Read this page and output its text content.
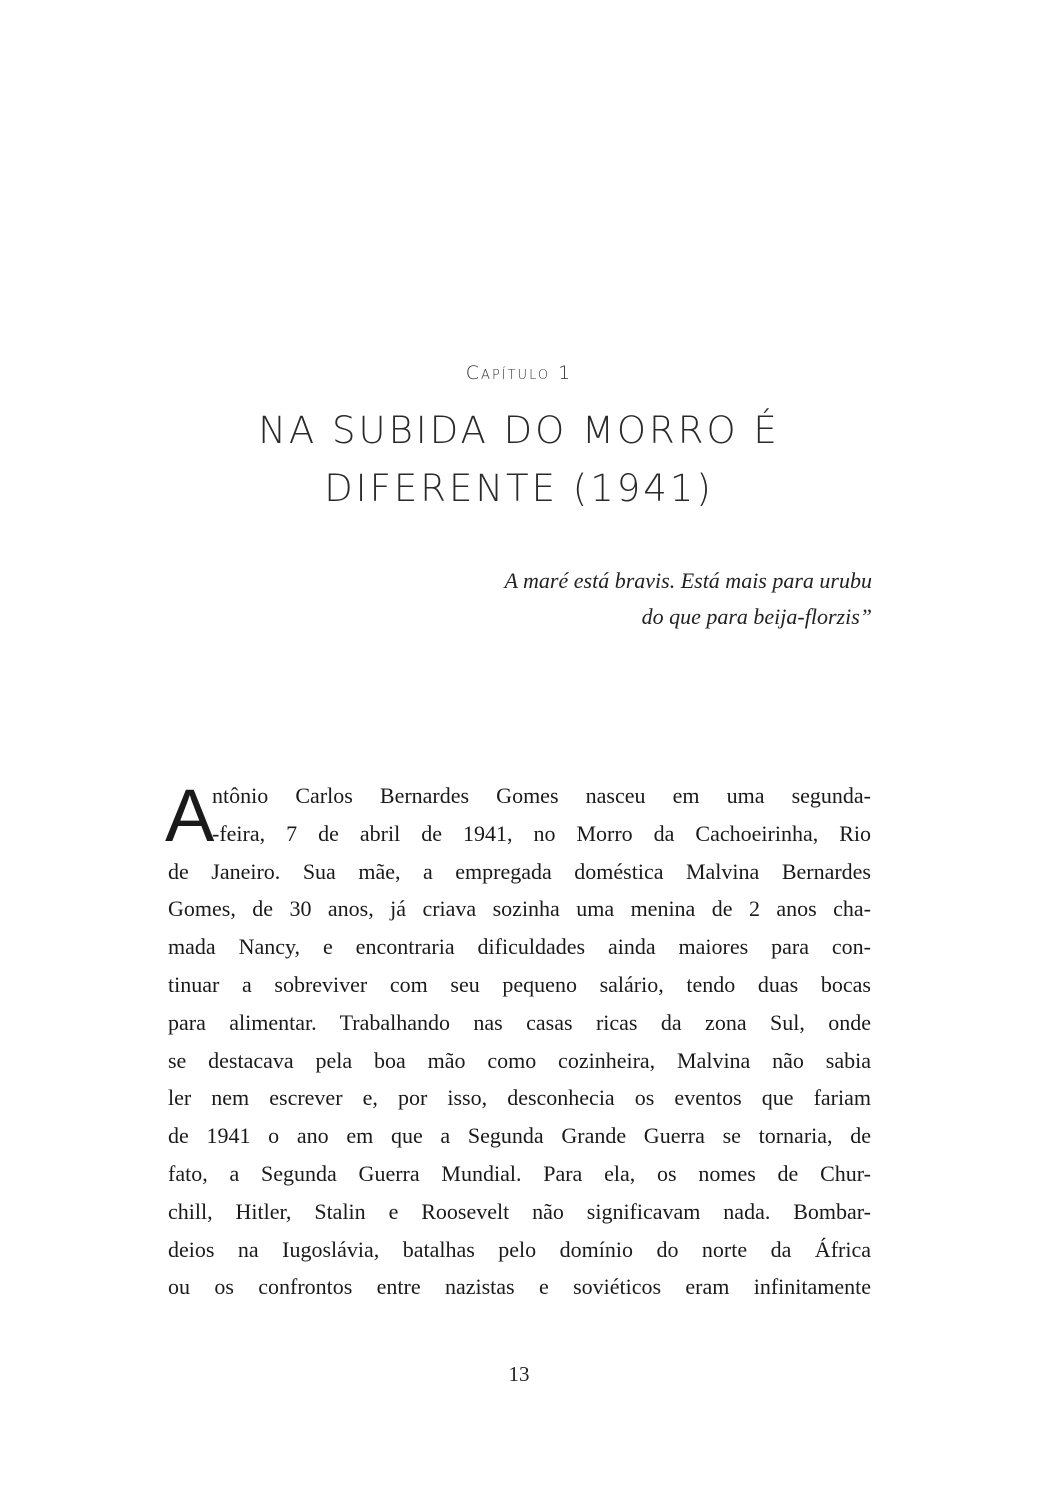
Capítulo 1
NA SUBIDA DO MORRO É
DIFERENTE (1941)
A maré está bravis. Está mais para urubu
do que para beija-florzis”
A
ntônio Carlos Bernardes Gomes nasceu em uma segunda-
-feira, 7 de abril de 1941, no Morro da Cachoeirinha, Rio
de Janeiro. Sua mãe, a empregada doméstica Malvina Bernardes
Gomes, de 30 anos, já criava sozinha uma menina de 2 anos cha-
mada Nancy, e encontraria dificuldades ainda maiores para con-
tinuar a sobreviver com seu pequeno salário, tendo duas bocas
para alimentar. Trabalhando nas casas ricas da zona Sul, onde
se destacava pela boa mão como cozinheira, Malvina não sabia
ler nem escrever e, por isso, desconhecia os eventos que fariam
de 1941 o ano em que a Segunda Grande Guerra se tornaria, de
fato, a Segunda Guerra Mundial. Para ela, os nomes de Chur-
chill, Hitler, Stalin e Roosevelt não significavam nada. Bombar-
deios na Iugoslávia, batalhas pelo domínio do norte da África
ou os confrontos entre nazistas e soviéticos eram infinitamente
13
